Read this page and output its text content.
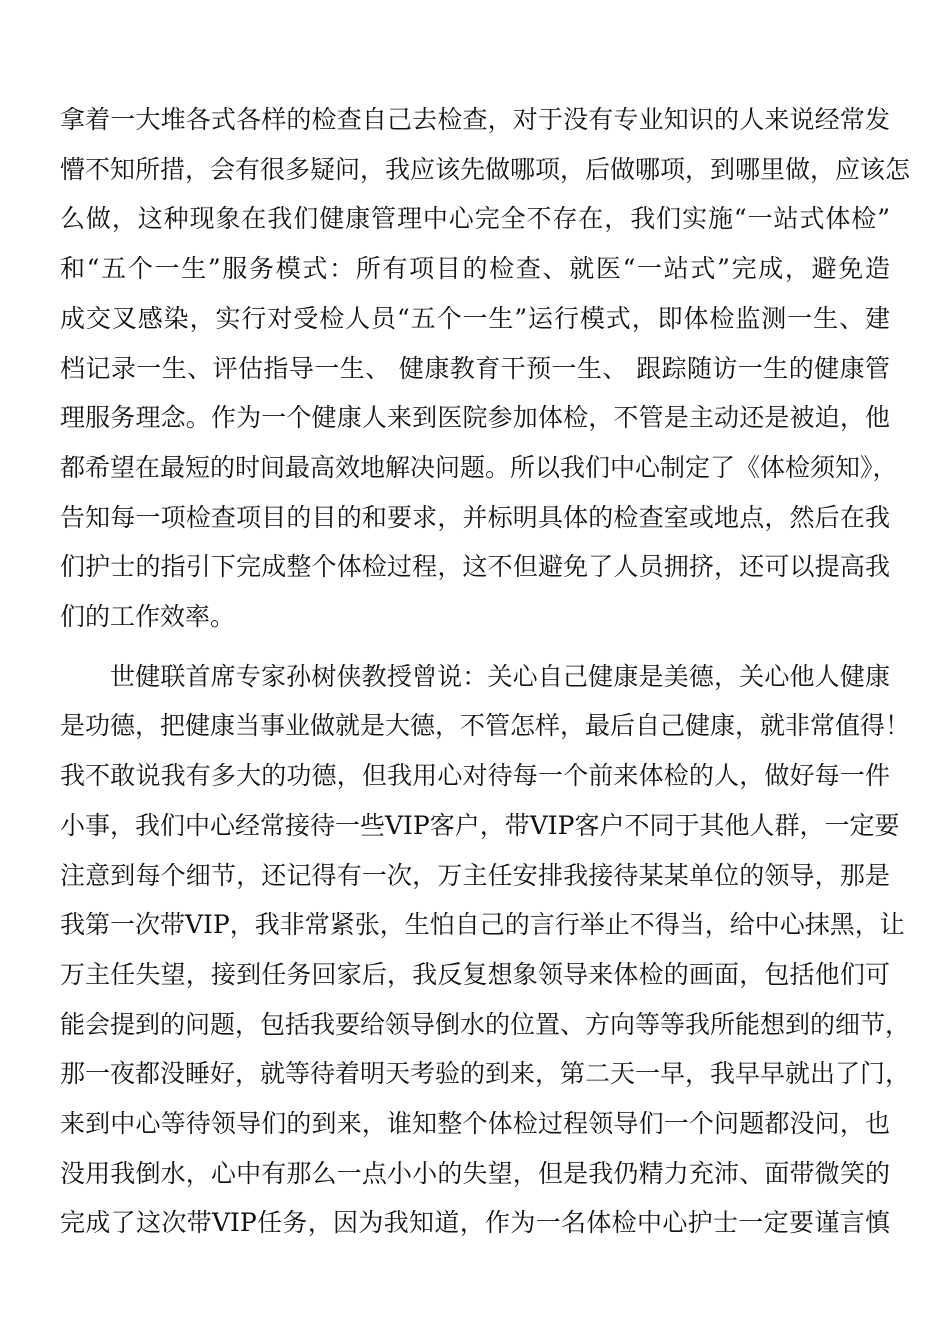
拿着一大堆各式各样的检查自己去检查，对于没有专业知识的人来说经常发
懵不知所措，会有很多疑问，我应该先做哪项，后做哪项，到哪里做，应该怎
么做，这种现象在我们健康管理中心完全不存在，我们实施“一站式体检”
和“五个一生”服务模式：所有项目的检查、就医“一站式”完成，避免造
成交叉感染，实行对受检人员“五个一生”运行模式，即体检监测一生、建
档记录一生、评估指导一生、 健康教育干预一生、 跟踪随访一生的健康管
理服务理念。作为一个健康人来到医院参加体检，不管是主动还是被迫，他
都希望在最短的时间最高效地解决问题。所以我们中心制定了《体检须知》，
告知每一项检查项目的目的和要求，并标明具体的检查室或地点，然后在我
们护士的指引下完成整个体检过程，这不但避免了人员拥挤，还可以提高我
们的工作效率。
世健联首席专家孙树侠教授曾说：关心自己健康是美德，关心他人健康
是功德，把健康当事业做就是大德，不管怎样，最后自己健康，就非常值得！
我不敢说我有多大的功德，但我用心对待每一个前来体检的人，做好每一件
小事，我们中心经常接待一些VIP客户，带VIP客户不同于其他人群，一定要
注意到每个细节，还记得有一次，万主任安排我接待某某单位的领导，那是
我第一次带VIP，我非常紧张，生怕自己的言行举止不得当，给中心抹黑，让
万主任失望，接到任务回家后，我反复想象领导来体检的画面，包括他们可
能会提到的问题，包括我要给领导倒水的位置、方向等等我所能想到的细节，
那一夜都没睡好，就等待着明天考验的到来，第二天一早，我早早就出了门，
来到中心等待领导们的到来，谁知整个体检过程领导们一个问题都没问，也
没用我倒水，心中有那么一点小小的失望，但是我仍精力充沛、面带微笑的
完成了这次带VIP任务，因为我知道，作为一名体检中心护士一定要谨言慎
